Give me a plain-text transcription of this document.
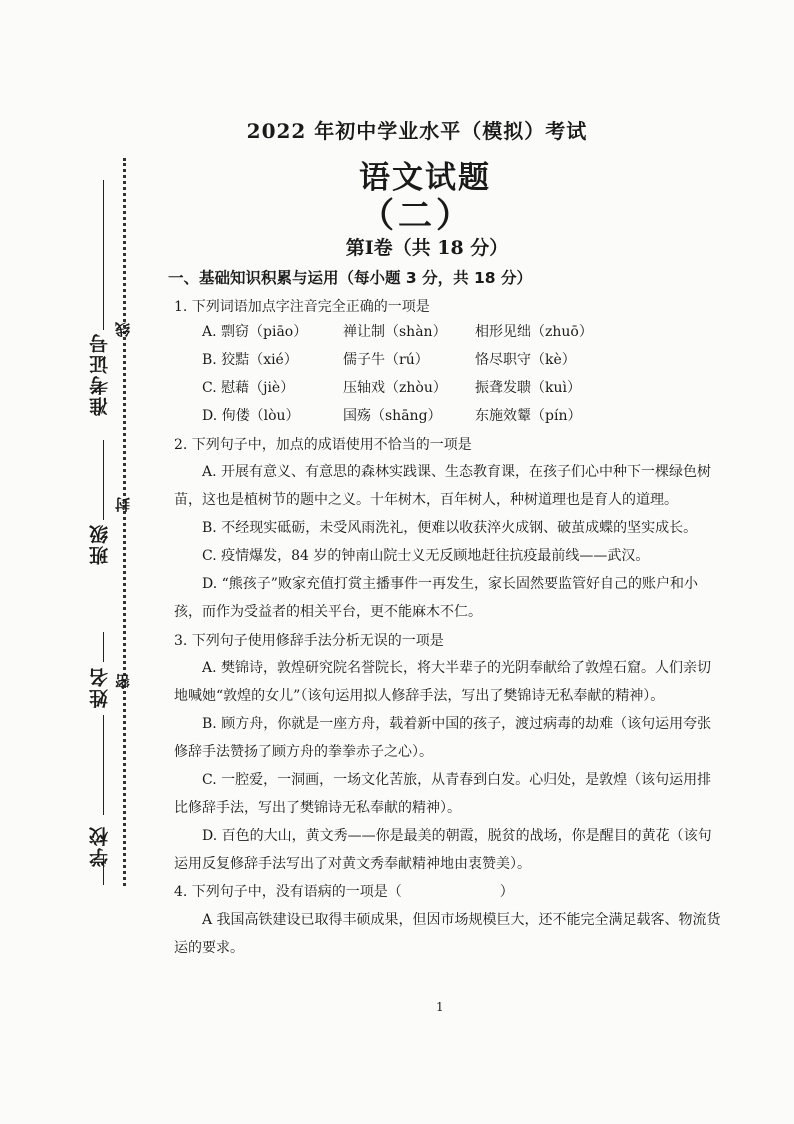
准考证号
班级
姓名
学校
线
封
密
2022 年初中学业水平（模拟）考试
语文试题
（二）
第Ⅰ卷（共 18 分）
一、基础知识积累与运用（每小题 3 分，共 18 分）
1. 下列词语加点字注音完全正确的一项是
A. 剽窃（piāo）	禅让制（shàn） 相形见绌（zhuō）
B. 狡黠（xié）	儒子牛（rú）	恪尽职守（kè）
C. 慰藉（jiè）	压轴戏（zhòu） 振聋发聩（kuì）
D. 佝偻（lòu）	国殇（shāng） 东施效颦（pín）
2. 下列句子中，加点的成语使用不恰当的一项是
A. 开展有意义、有意思的森林实践课、生态教育课，在孩子们心中种下一棵绿色树苗，这也是植树节的题中之义。十年树木，百年树人，种树道理也是育人的道理。
B. 不经现实砥砺，未受风雨洗礼，便难以收获淬火成钢、破茧成蝶的坚实成长。
C. 疫情爆发，84 岁的钟南山院士义无反顾地赶往抗疫最前线——武汉。
D. “熊孩子”败家充值打赏主播事件一再发生，家长固然要监管好自己的账户和小孩，而作为受益者的相关平台，更不能麻木不仁。
3. 下列句子使用修辞手法分析无误的一项是
A. 樊锦诗，敦煌研究院名誉院长，将大半辈子的光阴奉献给了敦煌石窟。人们亲切地喊她“敦煌的女儿”（该句运用拟人修辞手法，写出了樊锦诗无私奉献的精神）。
B. 顾方舟，你就是一座方舟，载着新中国的孩子，渡过病毒的劫难（该句运用夸张修辞手法赞扬了顾方舟的拳拳赤子之心）。
C. 一腔爱，一洞画，一场文化苦旅，从青春到白发。心归处，是敦煌（该句运用排比修辞手法，写出了樊锦诗无私奉献的精神）。
D. 百色的大山，黄文秀——你是最美的朝霞，脱贫的战场，你是醒目的黄花（该句运用反复修辞手法写出了对黄文秀奉献精神地由衷赞美）。
4. 下列句子中，没有语病的一项是（　　　　　　　）
A 我国高铁建设已取得丰硕成果，但因市场规模巨大，还不能完全满足载客、物流货运的要求。
1
